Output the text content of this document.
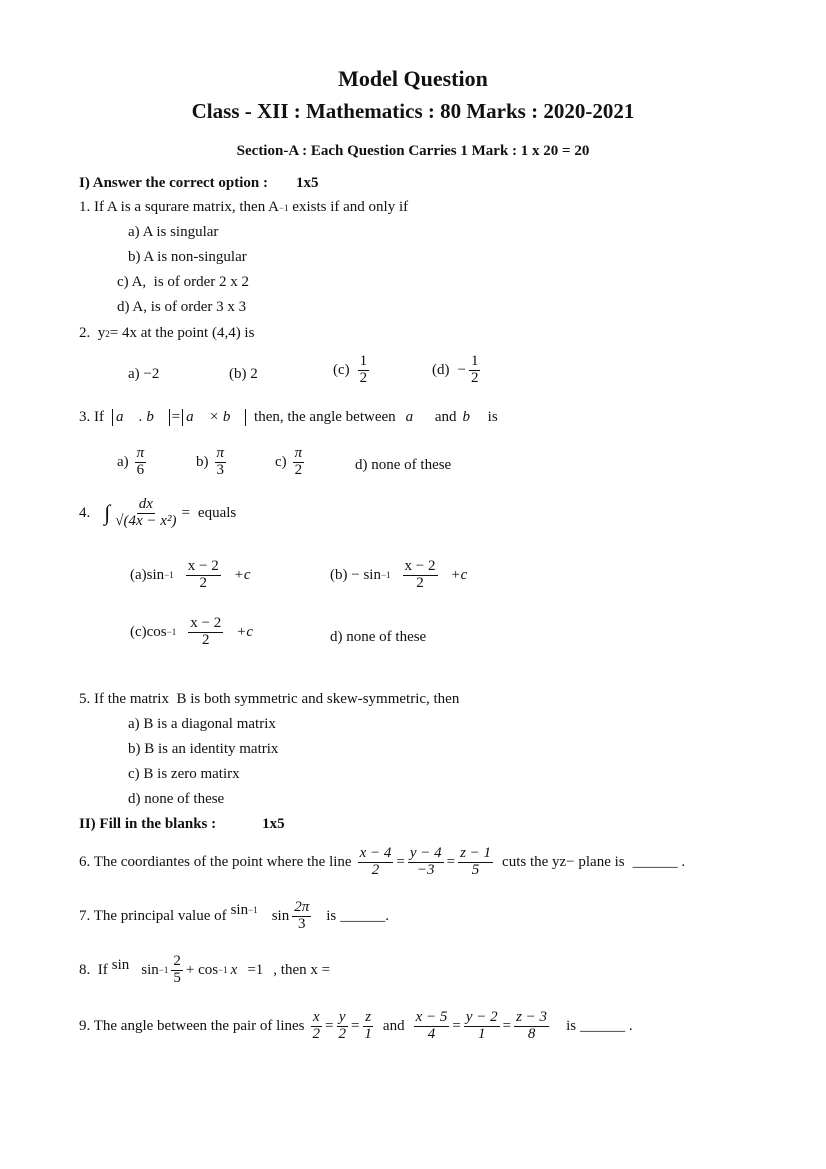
Model Question
Class - XII : Mathematics : 80 Marks : 2020-2021
Section-A : Each Question Carries 1 Mark : 1 x 20 = 20
I) Answer the correct option : 1x5
1. If A is a squrare matrix, then A −1 exists if and only if
a) A is singular
b) A is non-singular
c) A,  is of order 2 x 2
d) A, is of order 3 x 3
2.  y 2 = 4x at the point (4,4) is
a) −2	(b) 2	$(c) \frac{1}{2}$	$(d) - \frac{1}{2}$
3. If a⃗ . b⃗ = a⃗ × b⃗ then, the angle between a⃗ and b⃗ is
$a) \frac{\pi}{6}$	$b) \frac{\pi}{3}$	$c) \frac{\pi}{2}$	d) none of these
4. ∫ $\frac{dx}{\text{√(4x − x²)}}$ = equals
$(a)\sin -1 \frac{x - 2}{2} +c$	$(b) - \sin -1 \frac{x - 2}{2} +c$
$(c)\cos -1 \frac{x - 2}{2} +c$	d) none of these
5. If the matrix  B is both symmetric and skew-symmetric, then
a) B is a diagonal matrix
b) B is an identity matrix
c) B is zero matirx
d) none of these
II) Fill in the blanks :	1x5
6. The coordiantes of the point where the line $\frac{x - 4}{2} = \frac{y - 4}{-3} = \frac{z - 1}{5}$ cuts the yz− plane is ______ .
7. The principal value of $\sin^{-1} \sin \frac{2\pi}{3}$ is ______.
8.  If $\sin \sin -1 \frac{2}{5} + \cos -1$ x =1 , then x =
9. The angle between the pair of lines $\frac{x}{2} = \frac{y}{2} = \frac{z}{1}$ and $\frac{x - 5}{4} = \frac{y - 2}{1} = \frac{z - 3}{8}$ is ______ .
